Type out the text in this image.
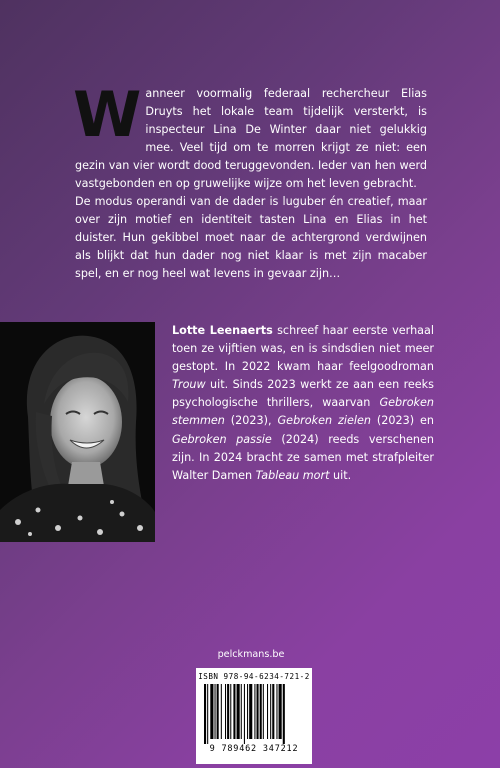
Wanneer voormalig federaal rechercheur Elias Druyts het lokale team tijdelijk versterkt, is inspecteur Lina De Winter daar niet gelukkig mee. Veel tijd om te morren krijgt ze niet: een gezin van vier wordt dood teruggevonden. Ieder van hen werd vastgebonden en op gruwelijke wijze om het leven gebracht.

De modus operandi van de dader is luguber én creatief, maar over zijn motief en identiteit tasten Lina en Elias in het duister. Hun gekibbel moet naar de achtergrond verdwijnen als blijkt dat hun dader nog niet klaar is met zijn macaber spel, en er nog heel wat levens in gevaar zijn…

Lotte Leenaerts schreef haar eerste verhaal toen ze vijftien was, en is sindsdien niet meer gestopt. In 2022 kwam haar feelgoodroman Trouw uit. Sinds 2023 werkt ze aan een reeks psychologische thrillers, waarvan Gebroken stemmen (2023), Gebroken zielen (2023) en Gebroken passie (2024) reeds verschenen zijn. In 2024 bracht ze samen met strafpleiter Walter Damen Tableau mort uit.

pelckmans.be
ISBN 978-94-6234-721-2
9 789462 347212
